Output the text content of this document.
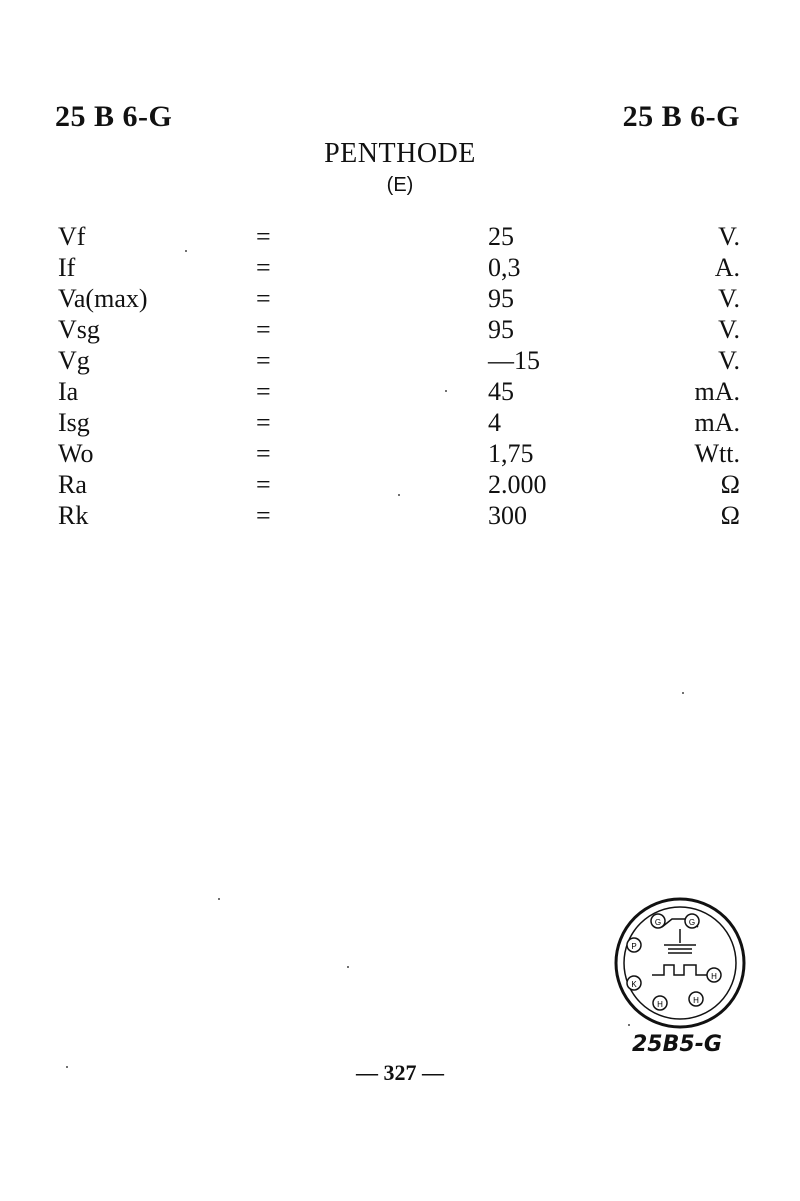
25 B 6-G	25 B 6-G
PENTHODE
(E)
Vf	=	25	V.
If	=	0,3	A.
Va(max)	=	95	V.
Vsg	=	95	V.
Vg	=	—15	V.
Ia	=	45	mA.
Isg	=	4	mA.
Wo	=	1,75	Wtt.
Ra	=	2.000	Ω
Rk	=	300	Ω
G
P
K
H
G
H
H
25B5-G
— 327 —
